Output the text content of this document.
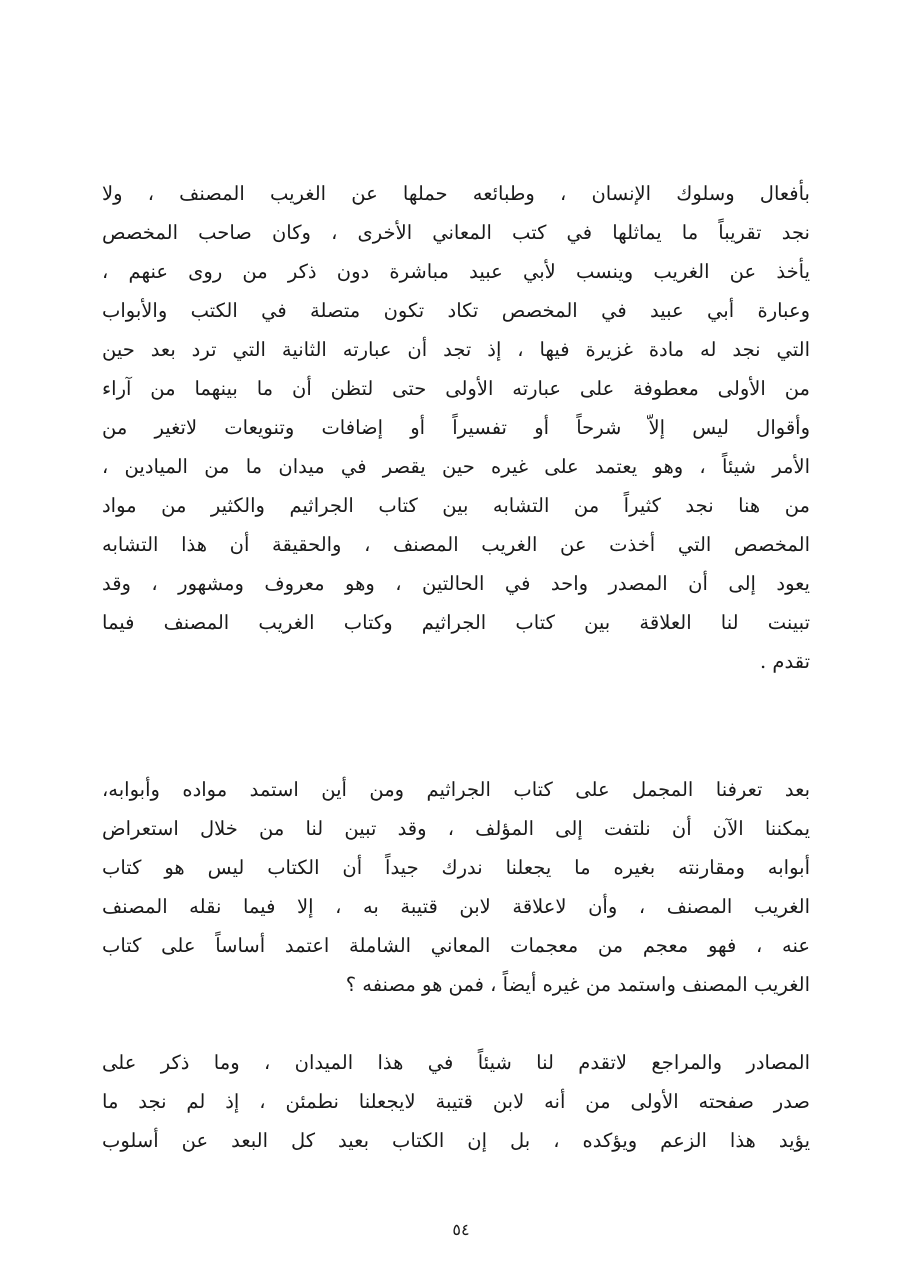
بأفعال وسلوك الإنسان ، وطبائعه حملها عن الغريب المصنف ، ولا
نجد تقريباً ما يماثلها في كتب المعاني الأخرى ، وكان صاحب المخصص
يأخذ عن الغريب وينسب لأبي عبيد مباشرة دون ذكر من روى عنهم ،
وعبارة أبي عبيد في المخصص تكاد تكون متصلة في الكتب والأبواب
التي نجد له مادة غزيرة فيها ، إذ تجد أن عبارته الثانية التي ترد بعد حين
من الأولى معطوفة على عبارته الأولى حتى لتظن أن ما بينهما من آراء
وأقوال ليس إلاّ شرحاً أو تفسيراً أو إضافات وتنويعات لاتغير من
الأمر شيئاً ، وهو يعتمد على غيره حين يقصر في ميدان ما من الميادين ،
من هنا نجد كثيراً من التشابه بين كتاب الجراثيم والكثير من مواد
المخصص التي أخذت عن الغريب المصنف ، والحقيقة أن هذا التشابه
يعود إلى أن المصدر واحد في الحالتين ، وهو معروف ومشهور ، وقد
تبينت لنا العلاقة بين كتاب الجراثيم وكتاب الغريب المصنف فيما
تقدم .
بعد تعرفنا المجمل على كتاب الجراثيم ومن أين استمد مواده وأبوابه،
يمكننا الآن أن نلتفت إلى المؤلف ، وقد تبين لنا من خلال استعراض
أبوابه ومقارنته بغيره ما يجعلنا ندرك جيداً أن الكتاب ليس هو كتاب
الغريب المصنف ، وأن لاعلاقة لابن قتيبة به ، إلا فيما نقله المصنف
عنه ، فهو معجم من معجمات المعاني الشاملة اعتمد أساساً على كتاب
الغريب المصنف واستمد من غيره أيضاً ، فمن هو مصنفه ؟
المصادر والمراجع لاتقدم لنا شيئاً في هذا الميدان ، وما ذكر على
صدر صفحته الأولى من أنه لابن قتيبة لايجعلنا نطمئن ، إذ لم نجد ما
يؤيد هذا الزعم ويؤكده ، بل إن الكتاب بعيد كل البعد عن أسلوب
٥٤
